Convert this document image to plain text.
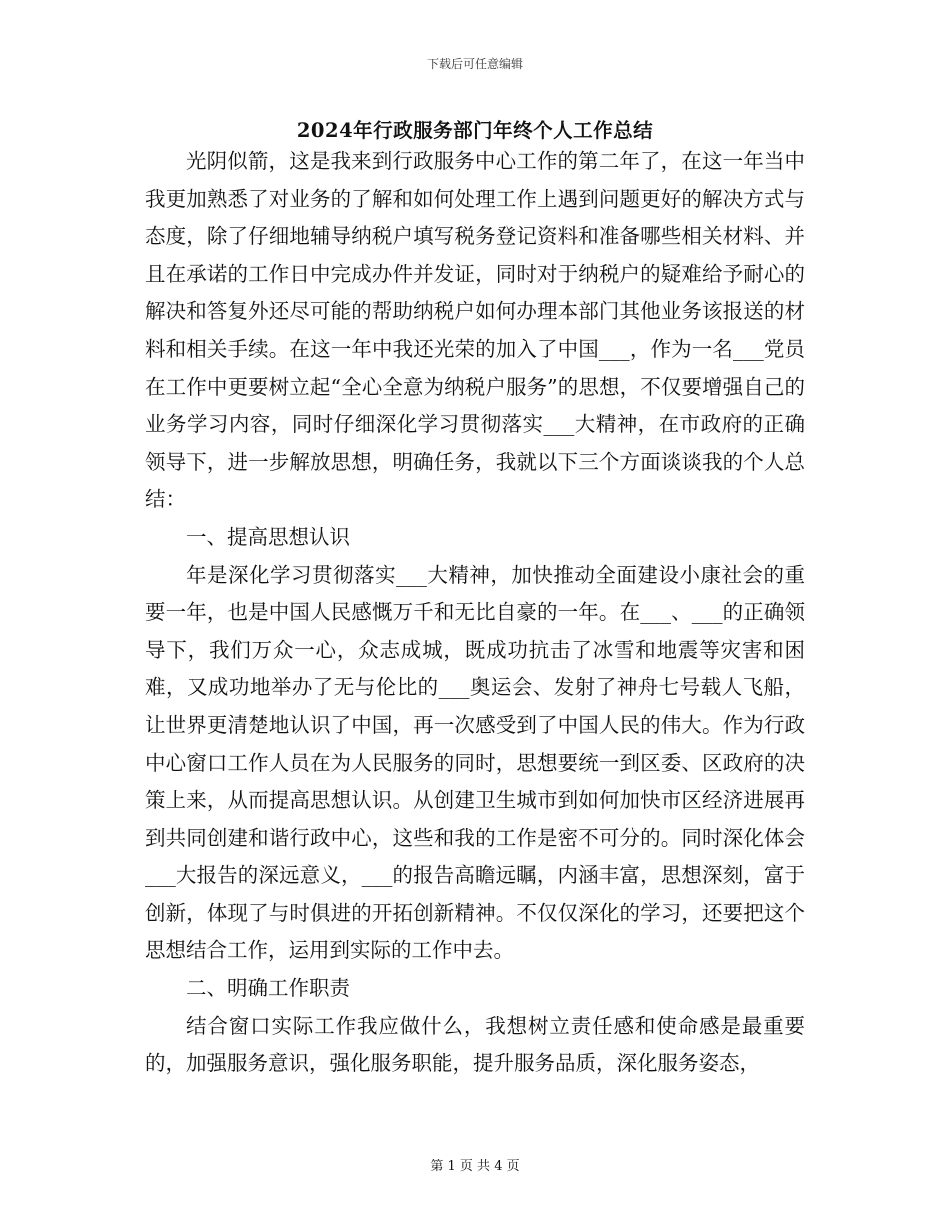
下载后可任意编辑
2024年行政服务部门年终个人工作总结

光阴似箭，这是我来到行政服务中心工作的第二年了，在这一年当中我更加熟悉了对业务的了解和如何处理工作上遇到问题更好的解决方式与态度，除了仔细地辅导纳税户填写税务登记资料和准备哪些相关材料、并且在承诺的工作日中完成办件并发证，同时对于纳税户的疑难给予耐心的解决和答复外还尽可能的帮助纳税户如何办理本部门其他业务该报送的材料和相关手续。在这一年中我还光荣的加入了中国___，作为一名___党员在工作中更要树立起“全心全意为纳税户服务”的思想，不仅要增强自己的业务学习内容，同时仔细深化学习贯彻落实___大精神，在市政府的正确领导下，进一步解放思想，明确任务，我就以下三个方面谈谈我的个人总结：

一、提高思想认识

年是深化学习贯彻落实___大精神，加快推动全面建设小康社会的重要一年，也是中国人民感慨万千和无比自豪的一年。在___、___的正确领导下，我们万众一心，众志成城，既成功抗击了冰雪和地震等灾害和困难，又成功地举办了无与伦比的___奥运会、发射了神舟七号载人飞船，让世界更清楚地认识了中国，再一次感受到了中国人民的伟大。作为行政中心窗口工作人员在为人民服务的同时，思想要统一到区委、区政府的决策上来，从而提高思想认识。从创建卫生城市到如何加快市区经济进展再到共同创建和谐行政中心，这些和我的工作是密不可分的。同时深化体会___大报告的深远意义，___的报告高瞻远瞩，内涵丰富，思想深刻，富于创新，体现了与时俱进的开拓创新精神。不仅仅深化的学习，还要把这个思想结合工作，运用到实际的工作中去。

二、明确工作职责

结合窗口实际工作我应做什么，我想树立责任感和使命感是最重要的，加强服务意识，强化服务职能，提升服务品质，深化服务姿态，

第 1 页 共 4 页
